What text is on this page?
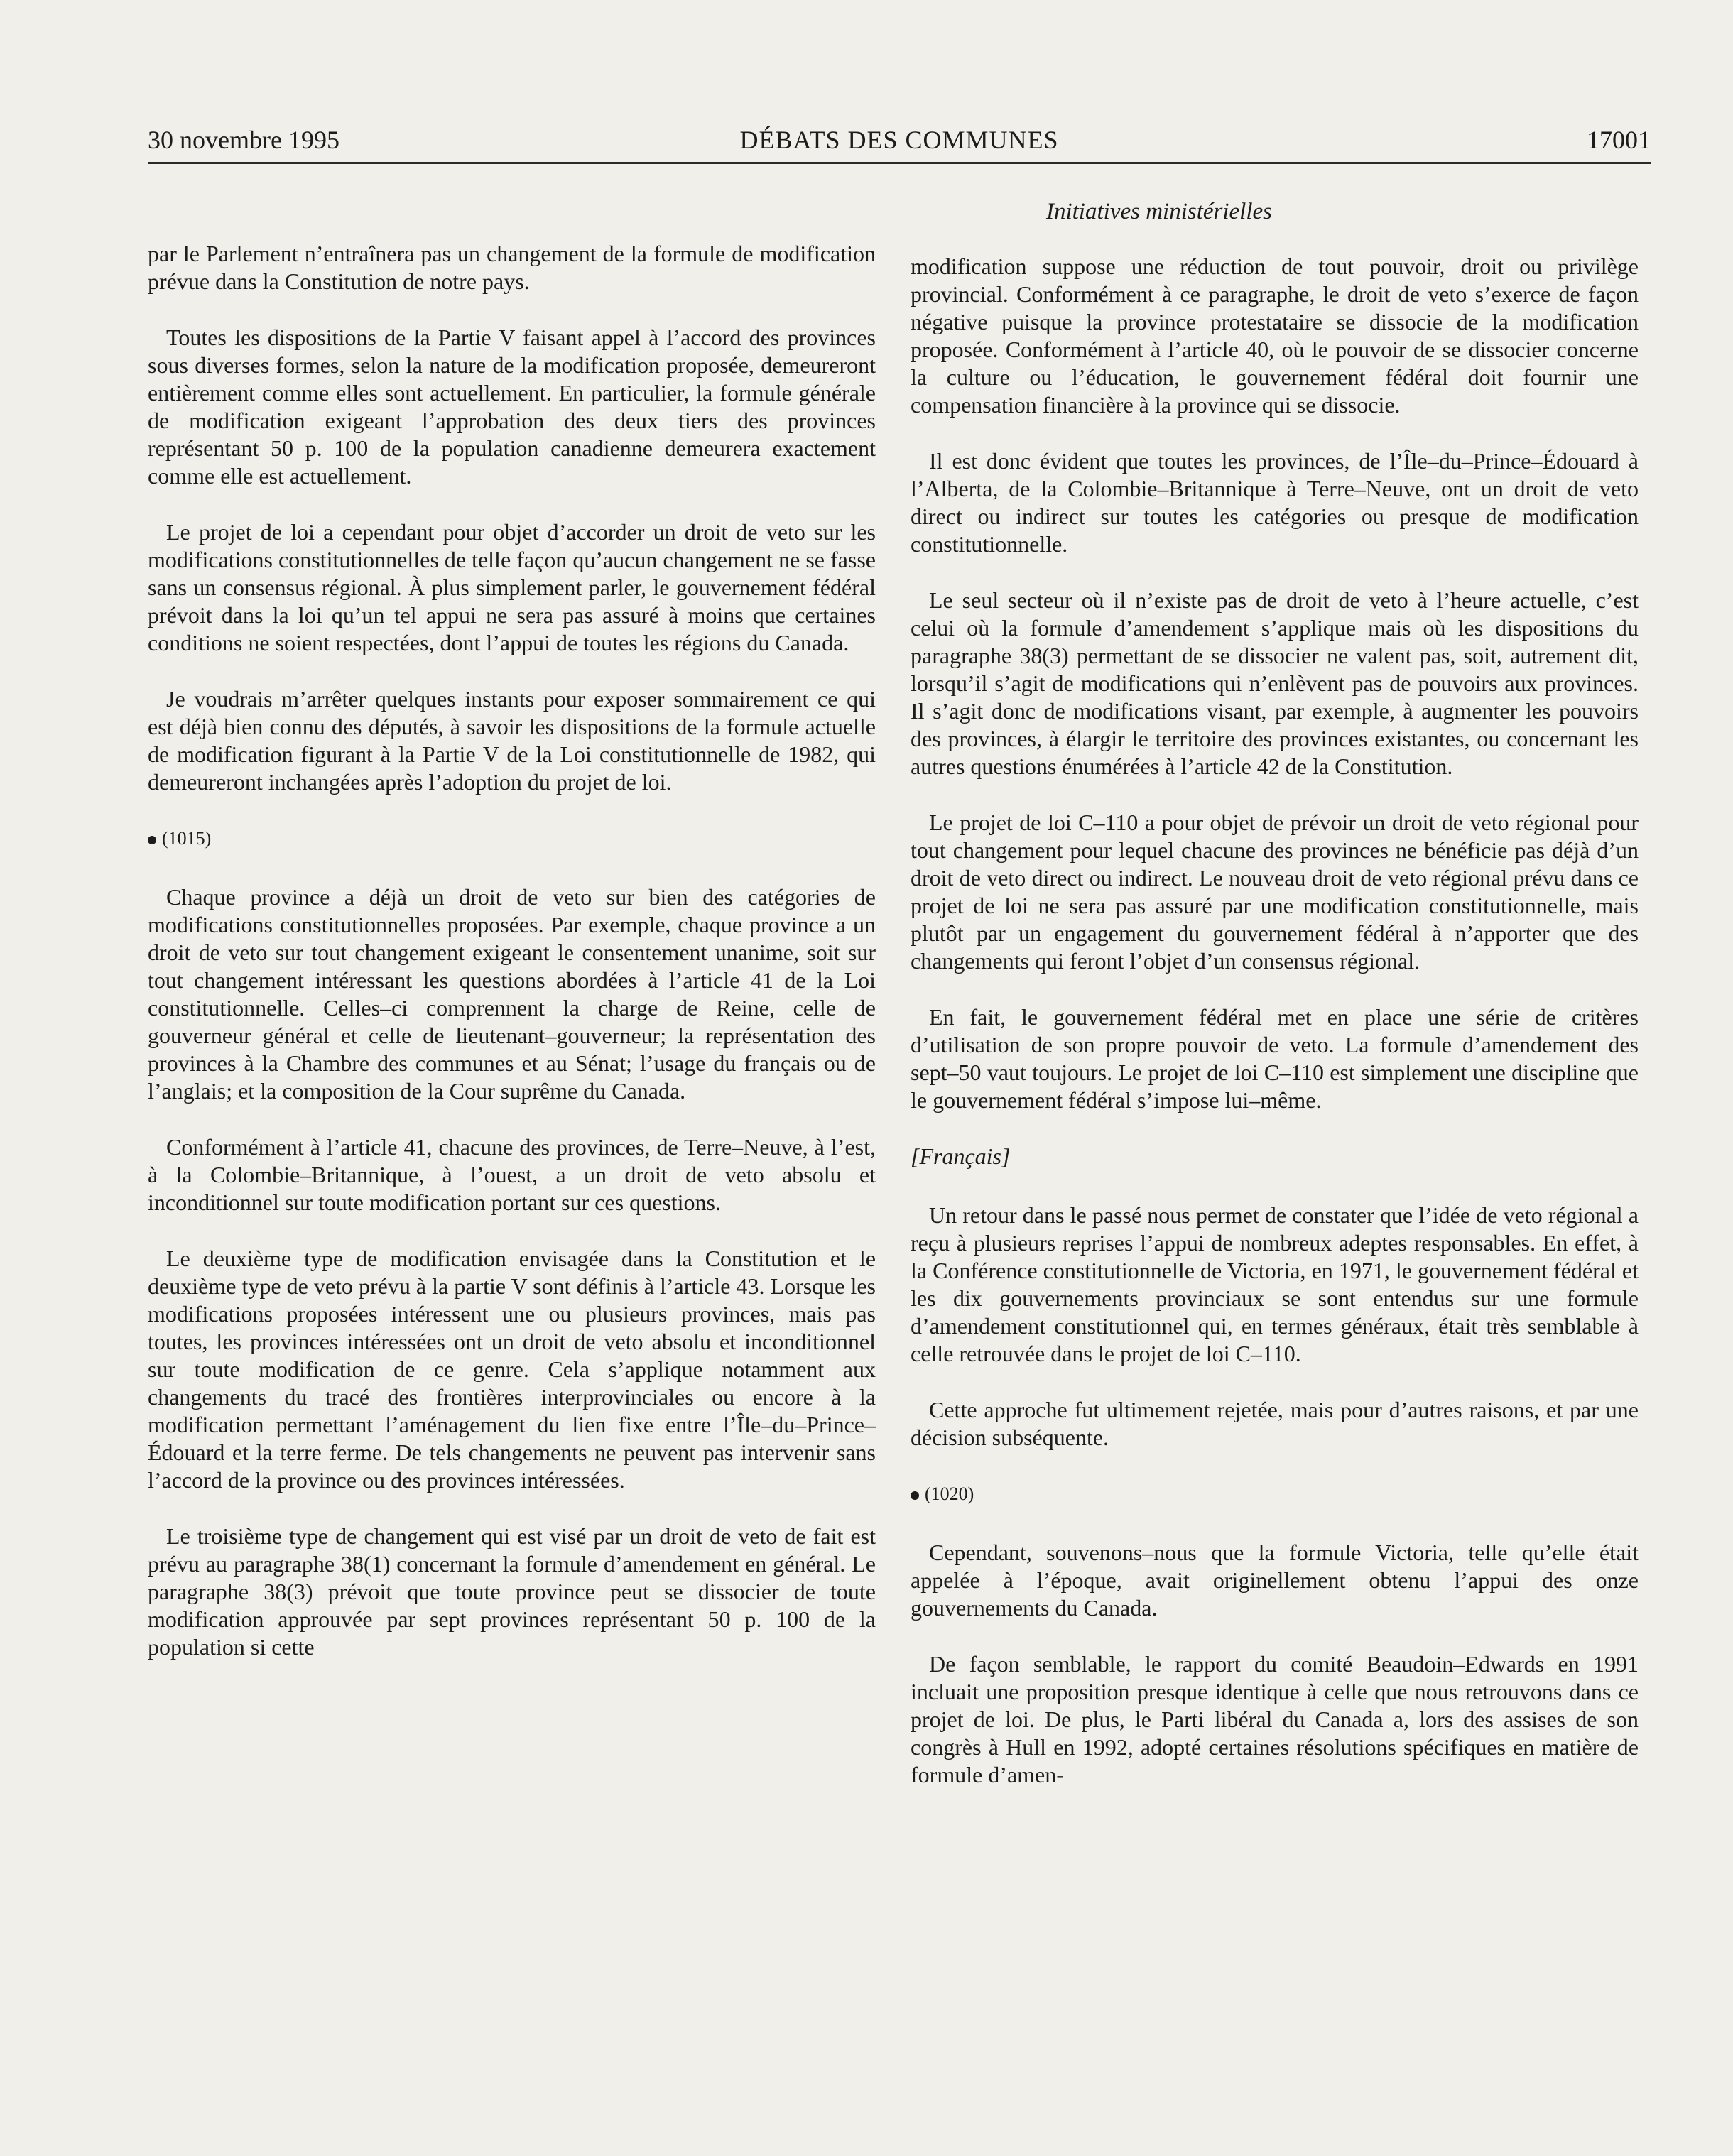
30 novembre 1995	DÉBATS DES COMMUNES	17001
Initiatives ministérielles

par le Parlement n’entraînera pas un changement de la formule de modification prévue dans la Constitution de notre pays.

Toutes les dispositions de la Partie V faisant appel à l’accord des provinces sous diverses formes, selon la nature de la modification proposée, demeureront entièrement comme elles sont actuellement. En particulier, la formule générale de modification exigeant l’approbation des deux tiers des provinces représentant 50 p. 100 de la population canadienne demeurera exactement comme elle est actuellement.

Le projet de loi a cependant pour objet d’accorder un droit de veto sur les modifications constitutionnelles de telle façon qu’aucun changement ne se fasse sans un consensus régional. À plus simplement parler, le gouvernement fédéral prévoit dans la loi qu’un tel appui ne sera pas assuré à moins que certaines conditions ne soient respectées, dont l’appui de toutes les régions du Canada.

Je voudrais m’arrêter quelques instants pour exposer sommairement ce qui est déjà bien connu des députés, à savoir les dispositions de la formule actuelle de modification figurant à la Partie V de la Loi constitutionnelle de 1982, qui demeureront inchangées après l’adoption du projet de loi.

(1015)

Chaque province a déjà un droit de veto sur bien des catégories de modifications constitutionnelles proposées. Par exemple, chaque province a un droit de veto sur tout changement exigeant le consentement unanime, soit sur tout changement intéressant les questions abordées à l’article 41 de la Loi constitutionnelle. Celles–ci comprennent la charge de Reine, celle de gouverneur général et celle de lieutenant–gouverneur; la représentation des provinces à la Chambre des communes et au Sénat; l’usage du français ou de l’anglais; et la composition de la Cour suprême du Canada.

Conformément à l’article 41, chacune des provinces, de Terre–Neuve, à l’est, à la Colombie–Britannique, à l’ouest, a un droit de veto absolu et inconditionnel sur toute modification portant sur ces questions.

Le deuxième type de modification envisagée dans la Constitution et le deuxième type de veto prévu à la partie V sont définis à l’article 43. Lorsque les modifications proposées intéressent une ou plusieurs provinces, mais pas toutes, les provinces intéressées ont un droit de veto absolu et inconditionnel sur toute modification de ce genre. Cela s’applique notamment aux changements du tracé des frontières interprovinciales ou encore à la modification permettant l’aménagement du lien fixe entre l’Île–du–Prince–Édouard et la terre ferme. De tels changements ne peuvent pas intervenir sans l’accord de la province ou des provinces intéressées.

Le troisième type de changement qui est visé par un droit de veto de fait est prévu au paragraphe 38(1) concernant la formule d’amendement en général. Le paragraphe 38(3) prévoit que toute province peut se dissocier de toute modification approuvée par sept provinces représentant 50 p. 100 de la population si cette

modification suppose une réduction de tout pouvoir, droit ou privilège provincial. Conformément à ce paragraphe, le droit de veto s’exerce de façon négative puisque la province protestataire se dissocie de la modification proposée. Conformément à l’article 40, où le pouvoir de se dissocier concerne la culture ou l’éducation, le gouvernement fédéral doit fournir une compensation financière à la province qui se dissocie.

Il est donc évident que toutes les provinces, de l’Île–du–Prince–Édouard à l’Alberta, de la Colombie–Britannique à Terre–Neuve, ont un droit de veto direct ou indirect sur toutes les catégories ou presque de modification constitutionnelle.

Le seul secteur où il n’existe pas de droit de veto à l’heure actuelle, c’est celui où la formule d’amendement s’applique mais où les dispositions du paragraphe 38(3) permettant de se dissocier ne valent pas, soit, autrement dit, lorsqu’il s’agit de modifications qui n’enlèvent pas de pouvoirs aux provinces. Il s’agit donc de modifications visant, par exemple, à augmenter les pouvoirs des provinces, à élargir le territoire des provinces existantes, ou concernant les autres questions énumérées à l’article 42 de la Constitution.

Le projet de loi C–110 a pour objet de prévoir un droit de veto régional pour tout changement pour lequel chacune des provinces ne bénéficie pas déjà d’un droit de veto direct ou indirect. Le nouveau droit de veto régional prévu dans ce projet de loi ne sera pas assuré par une modification constitutionnelle, mais plutôt par un engagement du gouvernement fédéral à n’apporter que des changements qui feront l’objet d’un consensus régional.

En fait, le gouvernement fédéral met en place une série de critères d’utilisation de son propre pouvoir de veto. La formule d’amendement des sept–50 vaut toujours. Le projet de loi C–110 est simplement une discipline que le gouvernement fédéral s’impose lui–même.

[Français]

Un retour dans le passé nous permet de constater que l’idée de veto régional a reçu à plusieurs reprises l’appui de nombreux adeptes responsables. En effet, à la Conférence constitutionnelle de Victoria, en 1971, le gouvernement fédéral et les dix gouvernements provinciaux se sont entendus sur une formule d’amendement constitutionnel qui, en termes généraux, était très semblable à celle retrouvée dans le projet de loi C–110.

Cette approche fut ultimement rejetée, mais pour d’autres raisons, et par une décision subséquente.

(1020)

Cependant, souvenons–nous que la formule Victoria, telle qu’elle était appelée à l’époque, avait originellement obtenu l’appui des onze gouvernements du Canada.

De façon semblable, le rapport du comité Beaudoin–Edwards en 1991 incluait une proposition presque identique à celle que nous retrouvons dans ce projet de loi. De plus, le Parti libéral du Canada a, lors des assises de son congrès à Hull en 1992, adopté certaines résolutions spécifiques en matière de formule d’amen-
